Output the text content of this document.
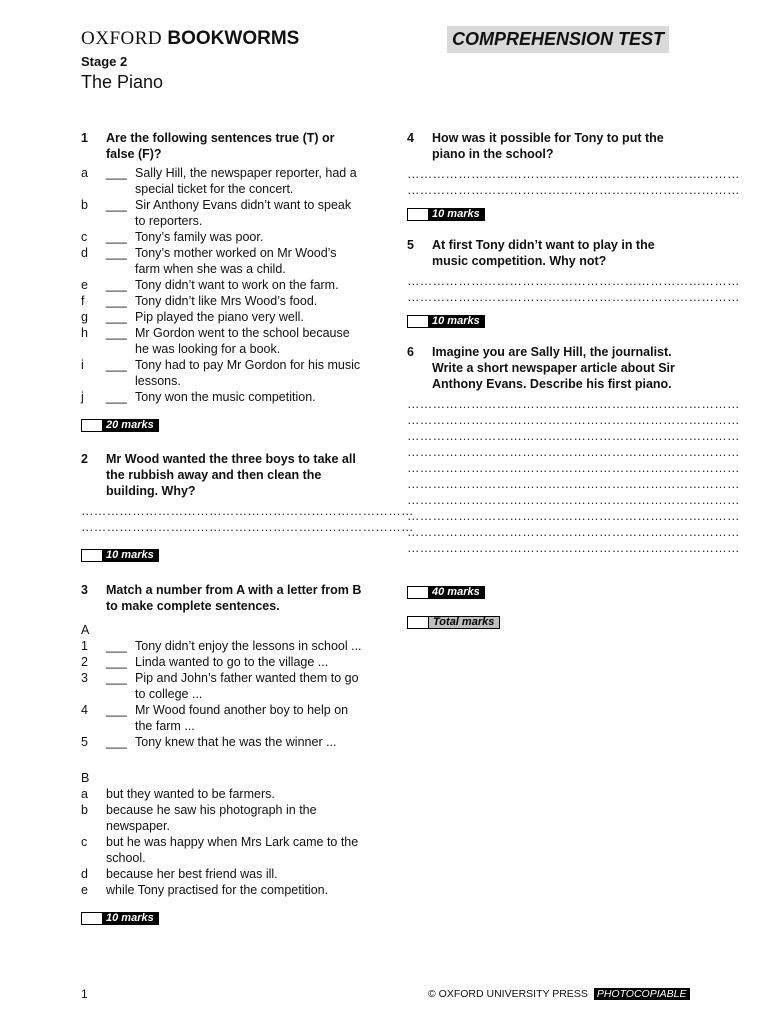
OXFORD BOOKWORMS	COMPREHENSION TEST
Stage 2
The Piano
1	Are the following sentences true (T) or false (F)?
a	___ Sally Hill, the newspaper reporter, had a special ticket for the concert.
b	___ Sir Anthony Evans didn’t want to speak to reporters.
c	___ Tony’s family was poor.
d	___ Tony’s mother worked on Mr Wood’s farm when she was a child.
e	___ Tony didn’t want to work on the farm.
f	___ Tony didn’t like Mrs Wood’s food.
g	___ Pip played the piano very well.
h	___ Mr Gordon went to the school because he was looking for a book.
i	___ Tony had to pay Mr Gordon for his music lessons.
j	___ Tony won the music competition.
20 marks
2	Mr Wood wanted the three boys to take all the rubbish away and then clean the building. Why?
……………………………………………………………………
……………………………………………………………………
10 marks
3	Match a number from A with a letter from B to make complete sentences.
A
1	___ Tony didn’t enjoy the lessons in school ...
2	___ Linda wanted to go to the village ...
3	___ Pip and John’s father wanted them to go to college ...
4	___ Mr Wood found another boy to help on the farm ...
5	___ Tony knew that he was the winner ...
B
a	but they wanted to be farmers.
b	because he saw his photograph in the newspaper.
c	but he was happy when Mrs Lark came to the school.
d	because her best friend was ill.
e	while Tony practised for the competition.
10 marks
4	How was it possible for Tony to put the piano in the school?
……………………………………………………………………
……………………………………………………………………
10 marks
5	At first Tony didn’t want to play in the music competition. Why not?
……………………………………………………………………
……………………………………………………………………
10 marks
6	Imagine you are Sally Hill, the journalist. Write a short newspaper article about Sir Anthony Evans. Describe his first piano.
……………………………………………………………………
……………………………………………………………………
……………………………………………………………………
……………………………………………………………………
……………………………………………………………………
……………………………………………………………………
……………………………………………………………………
……………………………………………………………………
……………………………………………………………………
……………………………………………………………………
40 marks
Total marks
1	© OXFORD UNIVERSITY PRESS PHOTOCOPIABLE
